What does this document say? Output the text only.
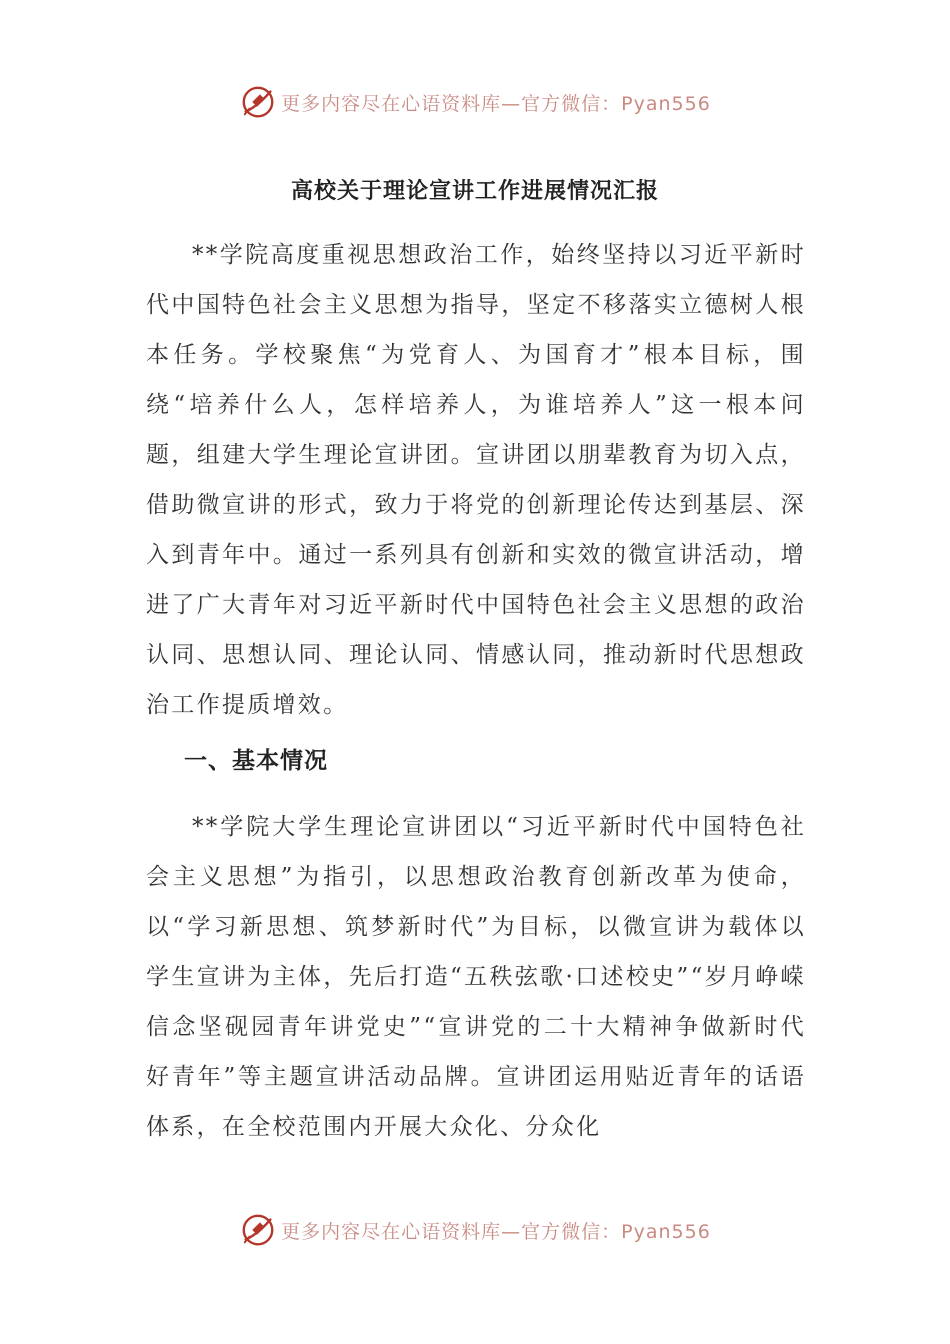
更多内容尽在心语资料库—官方微信：Pyan556
高校关于理论宣讲工作进展情况汇报

**学院高度重视思想政治工作，始终坚持以习近平新时代中国特色社会主义思想为指导，坚定不移落实立德树人根本任务。学校聚焦“为党育人、为国育才”根本目标，围绕“培养什么人，怎样培养人，为谁培养人”这一根本问题，组建大学生理论宣讲团。宣讲团以朋辈教育为切入点，借助微宣讲的形式，致力于将党的创新理论传达到基层、深入到青年中。通过一系列具有创新和实效的微宣讲活动，增进了广大青年对习近平新时代中国特色社会主义思想的政治认同、思想认同、理论认同、情感认同，推动新时代思想政治工作提质增效。

一、基本情况

**学院大学生理论宣讲团以“习近平新时代中国特色社会主义思想”为指引，以思想政治教育创新改革为使命，以“学习新思想、筑梦新时代”为目标，以微宣讲为载体以学生宣讲为主体，先后打造“五秩弦歌·口述校史”“岁月峥嵘信念坚砚园青年讲党史”“宣讲党的二十大精神争做新时代好青年”等主题宣讲活动品牌。宣讲团运用贴近青年的话语体系，在全校范围内开展大众化、分众化

更多内容尽在心语资料库—官方微信：Pyan556
